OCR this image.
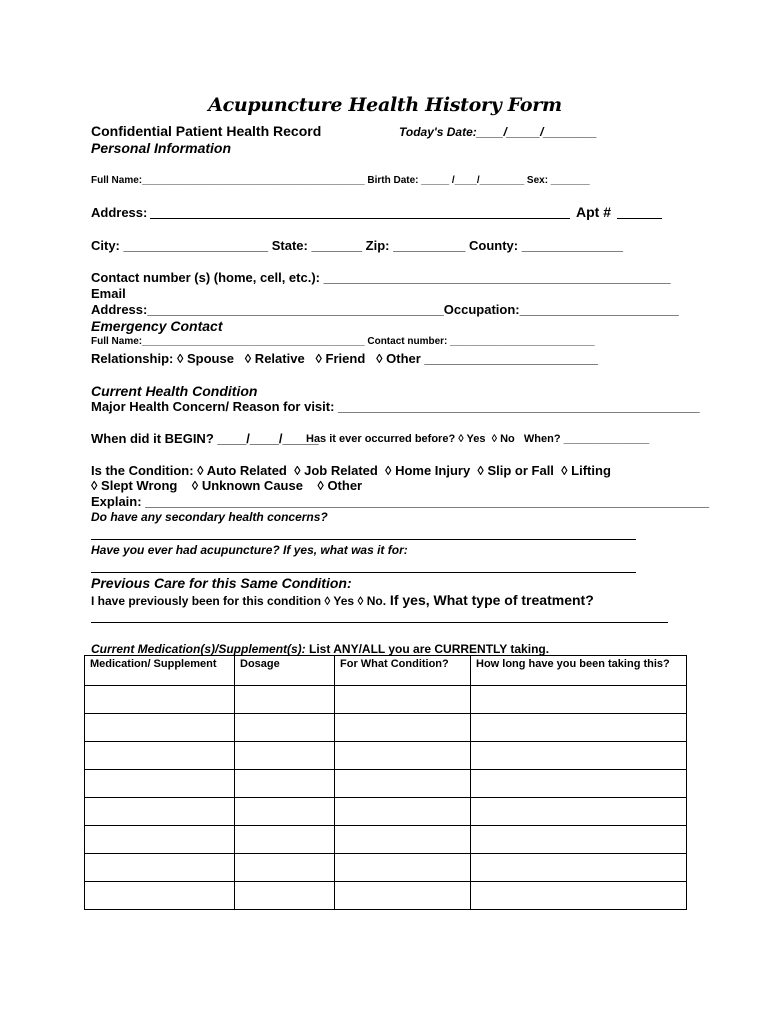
Acupuncture Health History Form
Confidential Patient Health Record	Today's Date:____/_____/________
Personal Information
Full Name:________________________________________ Birth Date: _____ /____/________ Sex: _______
Address:	Apt #
City: ____________________ State: _______ Zip: __________ County: ______________
Contact number (s) (home, cell, etc.): ________________________________________________
Email
Address:_________________________________________Occupation:______________________
Emergency Contact
Full Name:________________________________________ Contact number: __________________________
Relationship: ◊ Spouse   ◊ Relative   ◊ Friend   ◊ Other ________________________
Current Health Condition
Major Health Concern/ Reason for visit: __________________________________________________
When did it BEGIN? ____/____/_____
Has it ever occurred before? ◊ Yes  ◊ No   When? ______________
Is the Condition: ◊ Auto Related  ◊ Job Related  ◊ Home Injury  ◊ Slip or Fall  ◊ Lifting
◊ Slept Wrong    ◊ Unknown Cause    ◊ Other
Explain: ______________________________________________________________________________
Do have any secondary health concerns?
Have you ever had acupuncture? If yes, what was it for:
Previous Care for this Same Condition:
I have previously been for this condition ◊ Yes ◊ No. If yes, What type of treatment?
Current Medication(s)/Supplement(s): List ANY/ALL you are CURRENTLY taking.
Medication/ Supplement	Dosage	For What Condition?	How long have you been taking this?
